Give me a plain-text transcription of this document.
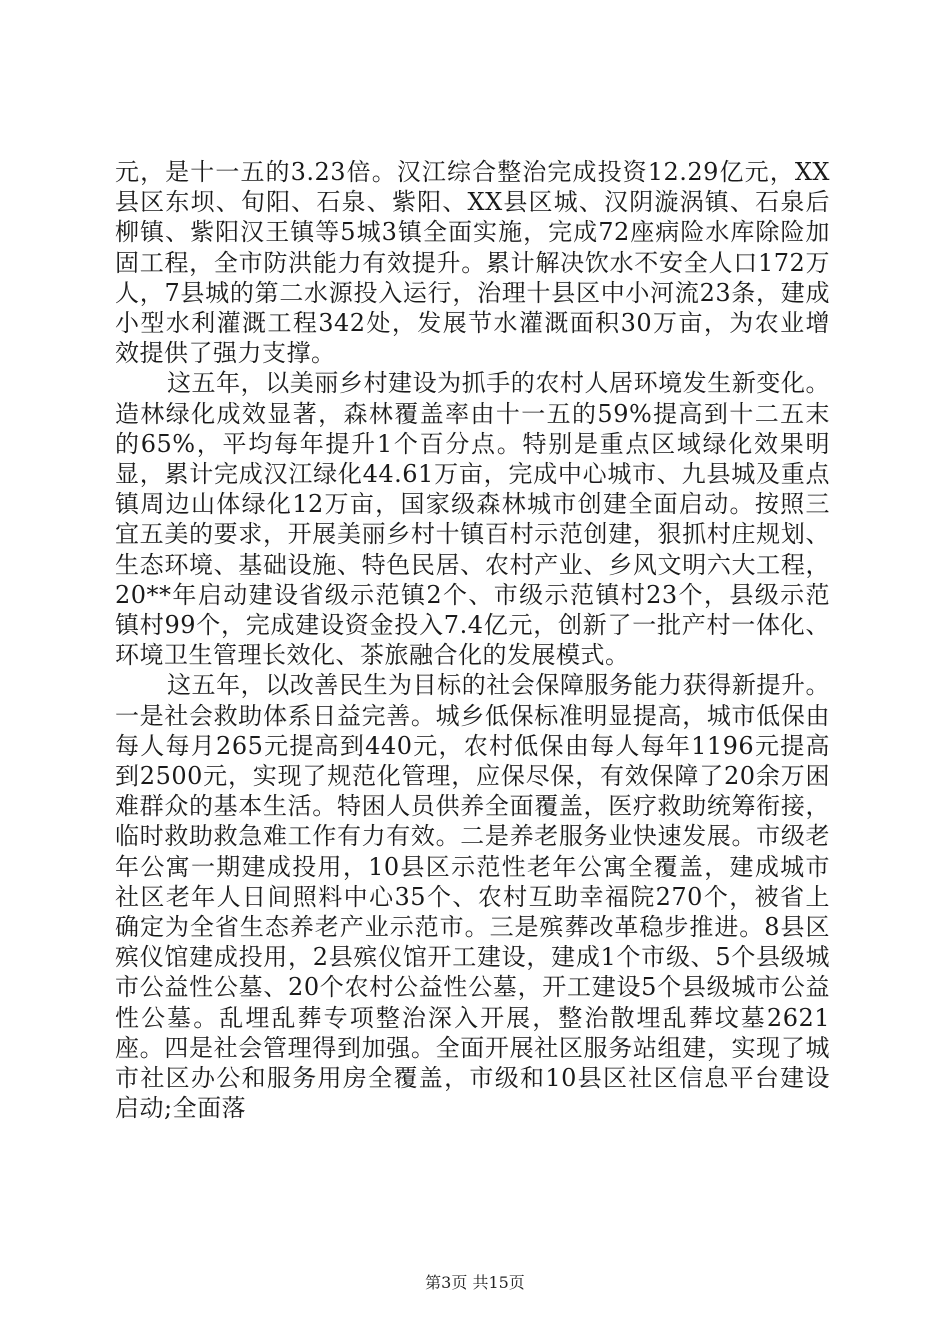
元，是十一五的3.23倍。汉江综合整治完成投资12.29亿元，XX县区东坝、旬阳、石泉、紫阳、XX县区城、汉阴漩涡镇、石泉后柳镇、紫阳汉王镇等5城3镇全面实施，完成72座病险水库除险加固工程，全市防洪能力有效提升。累计解决饮水不安全人口172万人，7县城的第二水源投入运行，治理十县区中小河流23条，建成小型水利灌溉工程342处，发展节水灌溉面积30万亩，为农业增效提供了强力支撑。

这五年，以美丽乡村建设为抓手的农村人居环境发生新变化。造林绿化成效显著，森林覆盖率由十一五的59%提高到十二五末的65%，平均每年提升1个百分点。特别是重点区域绿化效果明显，累计完成汉江绿化44.61万亩，完成中心城市、九县城及重点镇周边山体绿化12万亩，国家级森林城市创建全面启动。按照三宜五美的要求，开展美丽乡村十镇百村示范创建，狠抓村庄规划、生态环境、基础设施、特色民居、农村产业、乡风文明六大工程，20**年启动建设省级示范镇2个、市级示范镇村23个，县级示范镇村99个，完成建设资金投入7.4亿元，创新了一批产村一体化、环境卫生管理长效化、茶旅融合化的发展模式。

这五年，以改善民生为目标的社会保障服务能力获得新提升。一是社会救助体系日益完善。城乡低保标准明显提高，城市低保由每人每月265元提高到440元，农村低保由每人每年1196元提高到2500元，实现了规范化管理，应保尽保，有效保障了20余万困难群众的基本生活。特困人员供养全面覆盖，医疗救助统筹衔接，临时救助救急难工作有力有效。二是养老服务业快速发展。市级老年公寓一期建成投用，10县区示范性老年公寓全覆盖，建成城市社区老年人日间照料中心35个、农村互助幸福院270个，被省上确定为全省生态养老产业示范市。三是殡葬改革稳步推进。8县区殡仪馆建成投用，2县殡仪馆开工建设，建成1个市级、5个县级城市公益性公墓、20个农村公益性公墓，开工建设5个县级城市公益性公墓。乱埋乱葬专项整治深入开展，整治散埋乱葬坟墓2621座。四是社会管理得到加强。全面开展社区服务站组建，实现了城市社区办公和服务用房全覆盖，市级和10县区社区信息平台建设启动;全面落

第3页 共15页
